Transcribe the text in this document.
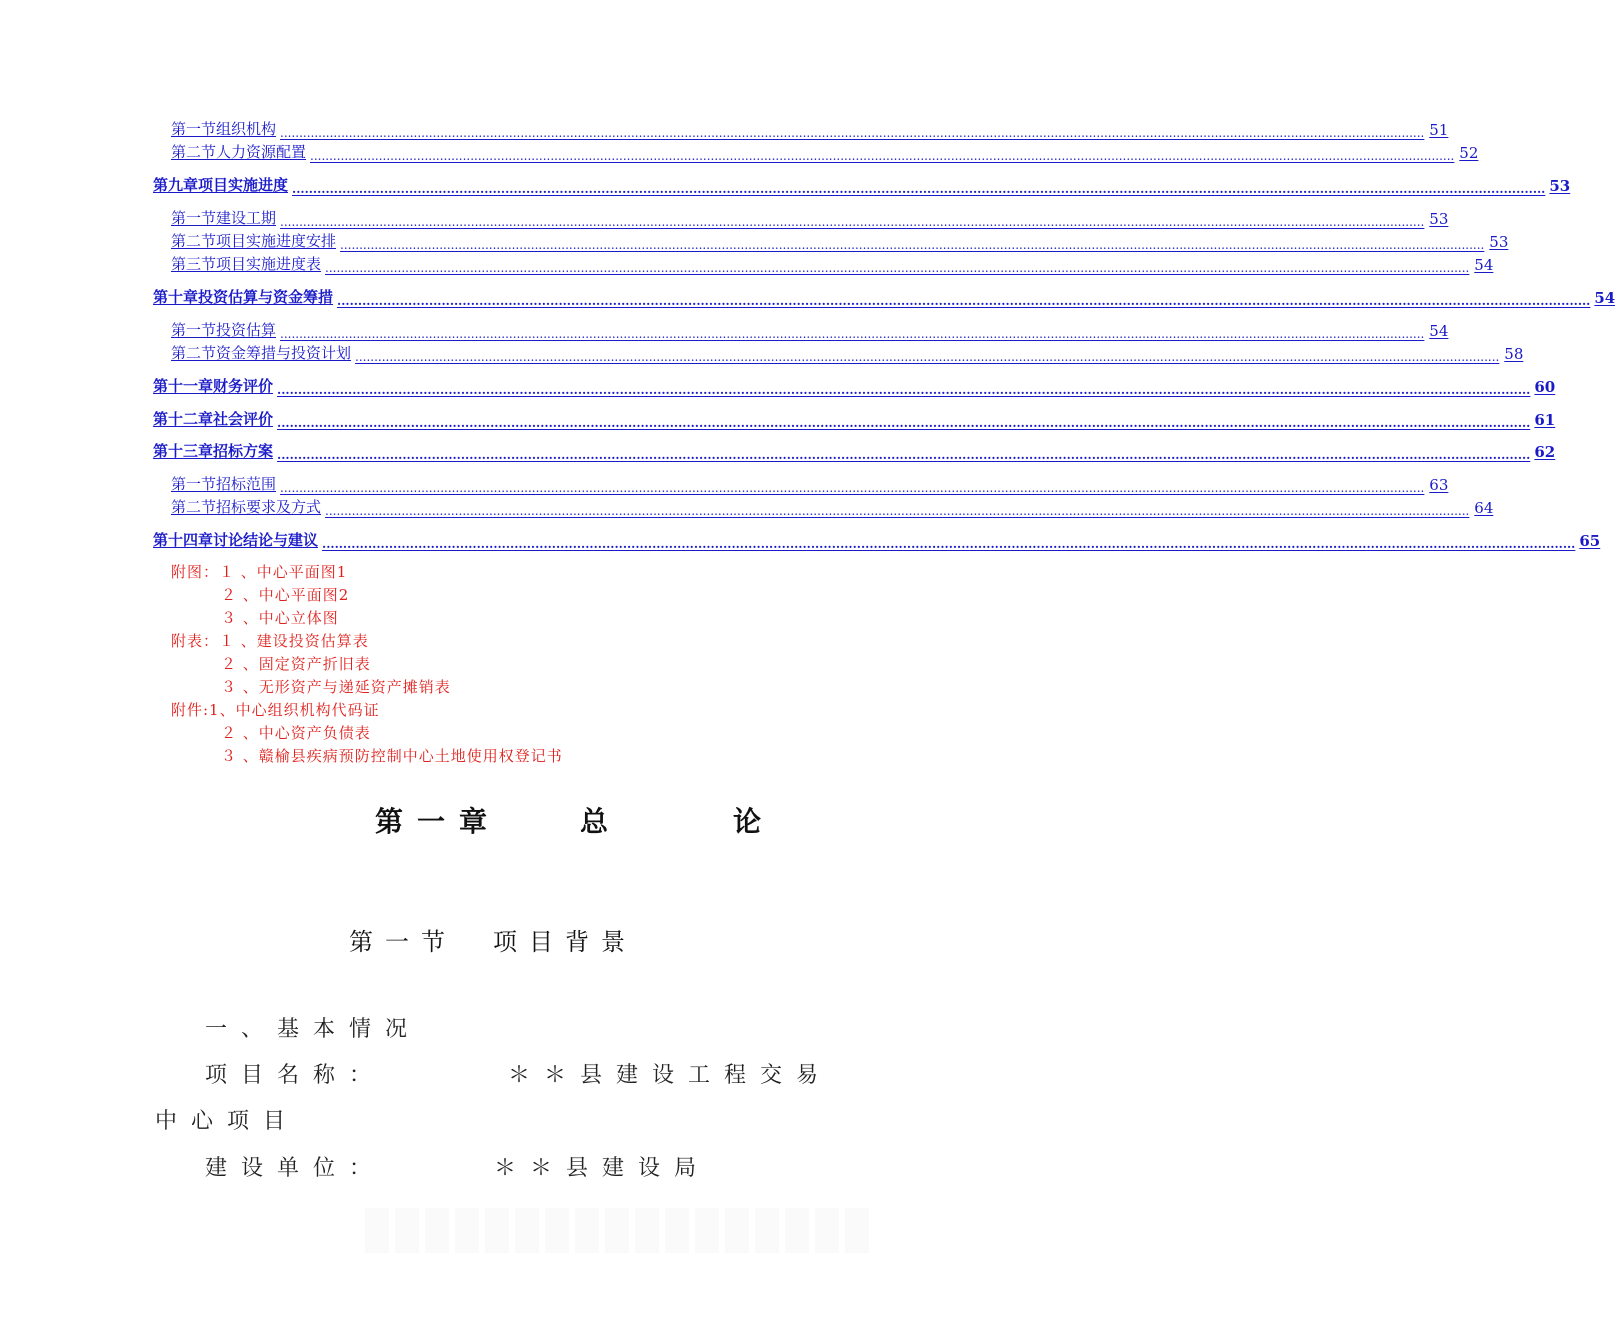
第一节 组织机构 ............................................................................................................................................................................................................................................................................................................ 51
第二节 人力资源配置 ............................................................................................................................................................................................................................................................................................................ 52
第九章 项目实施进度 ............................................................................................................................................................................................................................................................................................................ 53
第一节 建设工期 ............................................................................................................................................................................................................................................................................................................ 53
第二节 项目实施进度安排 ............................................................................................................................................................................................................................................................................................................ 53
第三节 项目实施进度表 ............................................................................................................................................................................................................................................................................................................ 54
第十章 投资估算与资金筹措 ............................................................................................................................................................................................................................................................................................................ 54
第一节 投资估算 ............................................................................................................................................................................................................................................................................................................ 54
第二节 资金筹措与投资计划 ............................................................................................................................................................................................................................................................................................................ 58
第十一章 财务评价 ............................................................................................................................................................................................................................................................................................................ 60
第十二章 社会评价 ............................................................................................................................................................................................................................................................................................................ 61
第十三章 招标方案 ............................................................................................................................................................................................................................................................................................................ 62
第一节 招标范围 ............................................................................................................................................................................................................................................................................................................ 63
第二节 招标要求及方式 ............................................................................................................................................................................................................................................................................................................ 64
第十四章 讨论结论与建议 ............................................................................................................................................................................................................................................................................................................ 65
附图：１ 、中心平面图1
２ 、中心平面图2
３ 、中心立体图
附表：１ 、建设投资估算表
２ 、固定资产折旧表
３ 、无形资产与递延资产摊销表
附件:1、中心组织机构代码证
２ 、中心资产负债表
３ 、赣榆县疾病预防控制中心土地使用权登记书
第一章	总	论
第一节　项目背景
一、基本情况
项目名称：	＊＊县建设工程交易
中心项目
建设单位：	＊＊县建设局
